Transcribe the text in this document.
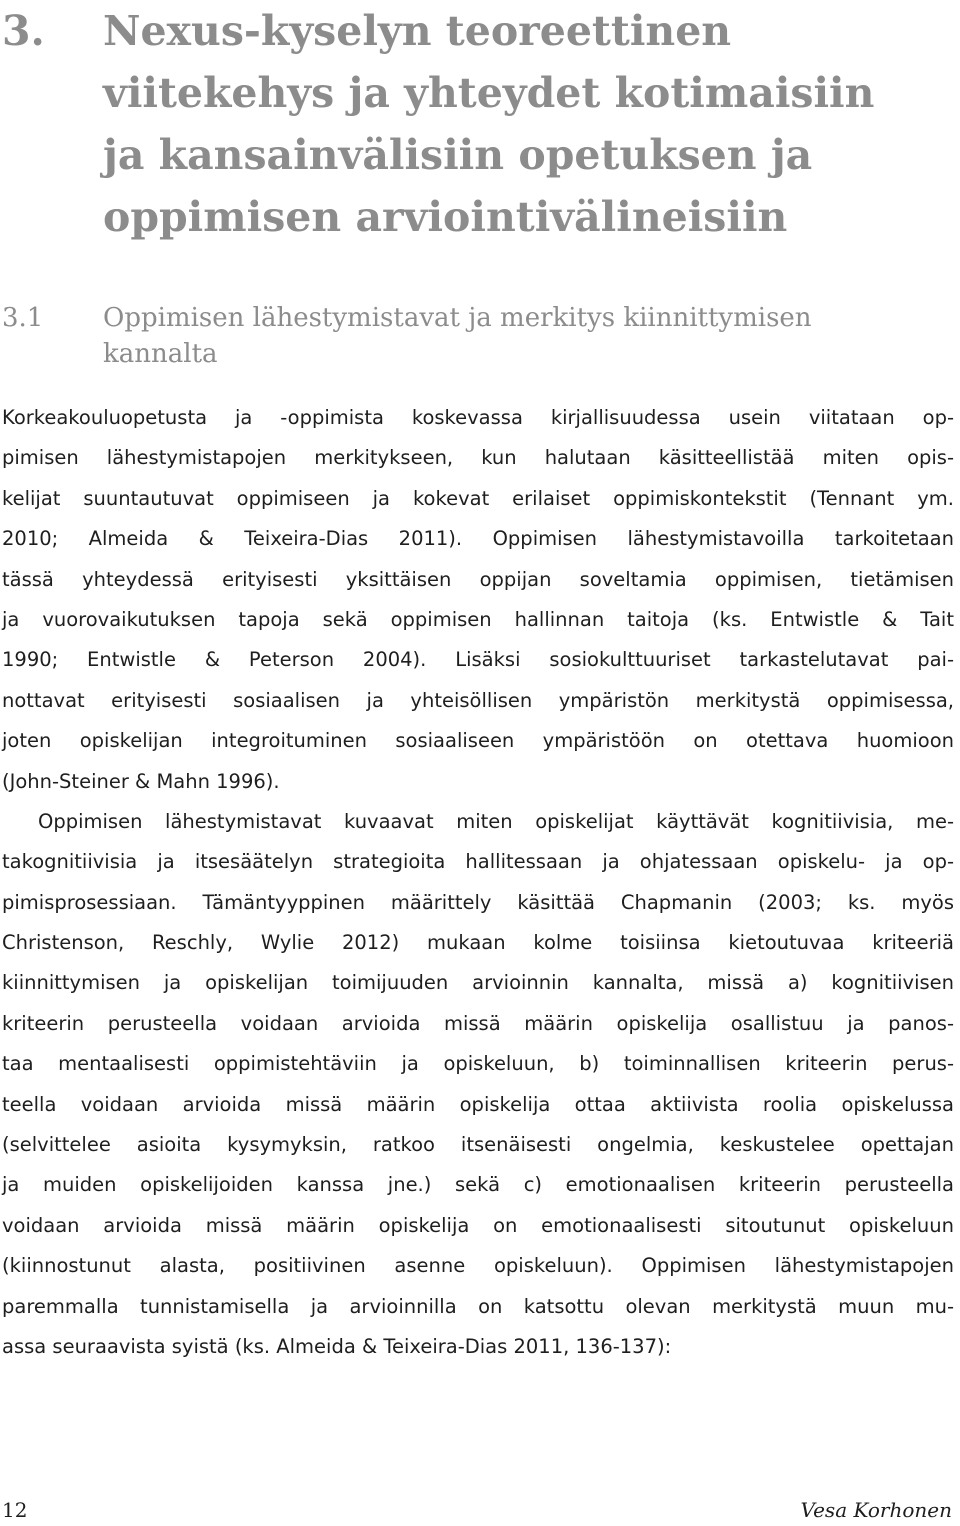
3. Nexus-kyselyn teoreettinen
viitekehys ja yhteydet kotimaisiin
ja kansainvälisiin opetuksen ja
oppimisen arviointivälineisiin
3.1 Oppimisen lähestymistavat ja merkitys kiinnittymisen
kannalta
Korkeakouluopetusta ja -oppimista koskevassa kirjallisuudessa usein viitataan op-
pimisen lähestymistapojen merkitykseen, kun halutaan käsitteellistää miten opis-
kelijat suuntautuvat oppimiseen ja kokevat erilaiset oppimiskontekstit (Tennant ym.
2010; Almeida & Teixeira-Dias 2011). Oppimisen lähestymistavoilla tarkoitetaan
tässä yhteydessä erityisesti yksittäisen oppijan soveltamia oppimisen, tietämisen
ja vuorovaikutuksen tapoja sekä oppimisen hallinnan taitoja (ks. Entwistle & Tait
1990; Entwistle & Peterson 2004). Lisäksi sosiokulttuuriset tarkastelutavat pai-
nottavat erityisesti sosiaalisen ja yhteisöllisen ympäristön merkitystä oppimisessa,
joten opiskelijan integroituminen sosiaaliseen ympäristöön on otettava huomioon
(John-Steiner & Mahn 1996).
Oppimisen lähestymistavat kuvaavat miten opiskelijat käyttävät kognitiivisia, me-
takognitiivisia ja itsesäätelyn strategioita hallitessaan ja ohjatessaan opiskelu- ja op-
pimisprosessiaan. Tämäntyyppinen määrittely käsittää Chapmanin (2003; ks. myös
Christenson, Reschly, Wylie 2012) mukaan kolme toisiinsa kietoutuvaa kriteeriä
kiinnittymisen ja opiskelijan toimijuuden arvioinnin kannalta, missä a) kognitiivisen
kriteerin perusteella voidaan arvioida missä määrin opiskelija osallistuu ja panos-
taa mentaalisesti oppimistehtäviin ja opiskeluun, b) toiminnallisen kriteerin perus-
teella voidaan arvioida missä määrin opiskelija ottaa aktiivista roolia opiskelussa
(selvittelee asioita kysymyksin, ratkoo itsenäisesti ongelmia, keskustelee opettajan
ja muiden opiskelijoiden kanssa jne.) sekä c) emotionaalisen kriteerin perusteella
voidaan arvioida missä määrin opiskelija on emotionaalisesti sitoutunut opiskeluun
(kiinnostunut alasta, positiivinen asenne opiskeluun). Oppimisen lähestymistapojen
paremmalla tunnistamisella ja arvioinnilla on katsottu olevan merkitystä muun mu-
assa seuraavista syistä (ks. Almeida & Teixeira-Dias 2011, 136-137):
12	Vesa Korhonen
